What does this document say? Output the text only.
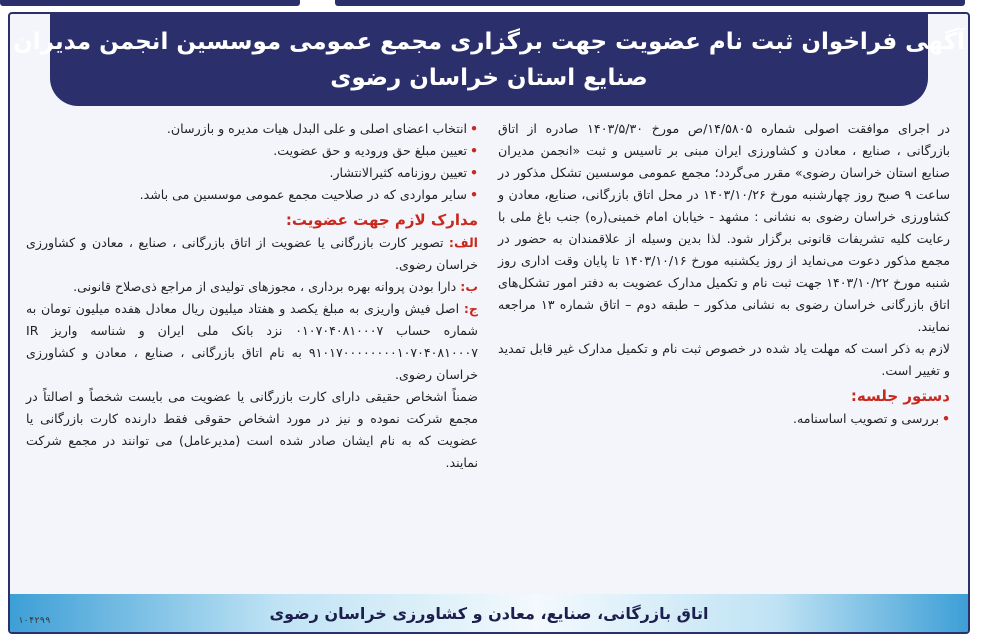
آگهی فراخوان ثبت نام عضویت جهت برگزاری مجمع عمومی موسسین انجمن مدیران
صنایع استان خراسان رضوی

در اجرای موافقت اصولی شماره ۱۴/۵۸۰۵/ص مورخ ۱۴۰۳/۵/۳۰ صادره از اتاق بازرگانی ، صنایع ، معادن و کشاورزی ایران مبنی بر تاسیس و ثبت «انجمن مدیران صنایع استان خراسان رضوی» مقرر می‌گردد؛ مجمع عمومی موسسین تشکل مذکور در ساعت ۹ صبح روز چهارشنبه مورخ ۱۴۰۳/۱۰/۲۶ در محل اتاق بازرگانی، صنایع، معادن و کشاورزی خراسان رضوی به نشانی : مشهد - خیابان امام خمینی(ره) جنب باغ ملی با رعایت کلیه تشریفات قانونی برگزار شود. لذا بدین وسیله از علاقمندان به حضور در مجمع مذکور دعوت می‌نماید از روز یکشنبه مورخ ۱۴۰۳/۱۰/۱۶ تا پایان وقت اداری روز شنبه مورخ ۱۴۰۳/۱۰/۲۲ جهت ثبت نام و تکمیل مدارک عضویت به دفتر امور تشکل‌های اتاق بازرگانی خراسان رضوی به نشانی مذکور – طبقه دوم – اتاق شماره ۱۳ مراجعه نمایند.

لازم به ذکر است که مهلت یاد شده در خصوص ثبت نام و تکمیل مدارک غیر قابل تمدید و تغییر است.

دستور جلسه:

• بررسی و تصویب اساسنامه.

• انتخاب اعضای اصلی و علی البدل هیات مدیره و بازرسان.

• تعیین مبلغ حق ورودیه و حق عضویت.

• تعیین روزنامه کثیرالانتشار.

• سایر مواردی که در صلاحیت مجمع عمومی موسسین می باشد.

مدارک لازم جهت عضویت:

الف: تصویر کارت بازرگانی یا عضویت از اتاق بازرگانی ، صنایع ، معادن و کشاورزی خراسان رضوی.

ب: دارا بودن پروانه بهره برداری ، مجوزهای تولیدی از مراجع ذی‌صلاح قانونی.

ج: اصل فیش واریزی به مبلغ یکصد و هفتاد میلیون ریال معادل هفده میلیون تومان به شماره حساب ۰۱۰۷۰۴۰۸۱۰۰۰۷ نزد بانک ملی ایران و شناسه واریز IR ۹۱۰۱۷۰۰۰۰۰۰۰۰۱۰۷۰۴۰۸۱۰۰۰۷ به نام اتاق بازرگانی ، صنایع ، معادن و کشاورزی خراسان رضوی.

ضمناً اشخاص حقیقی دارای کارت بازرگانی یا عضویت می بایست شخصاً و اصالتاً در مجمع شرکت نموده و نیز در مورد اشخاص حقوقی فقط دارنده کارت بازرگانی یا عضویت که به نام ایشان صادر شده است (مدیرعامل) می توانند در مجمع شرکت نمایند.

اتاق بازرگانی، صنایع، معادن و کشاورزی خراسان رضوی
۱۰۴۲۹۹
